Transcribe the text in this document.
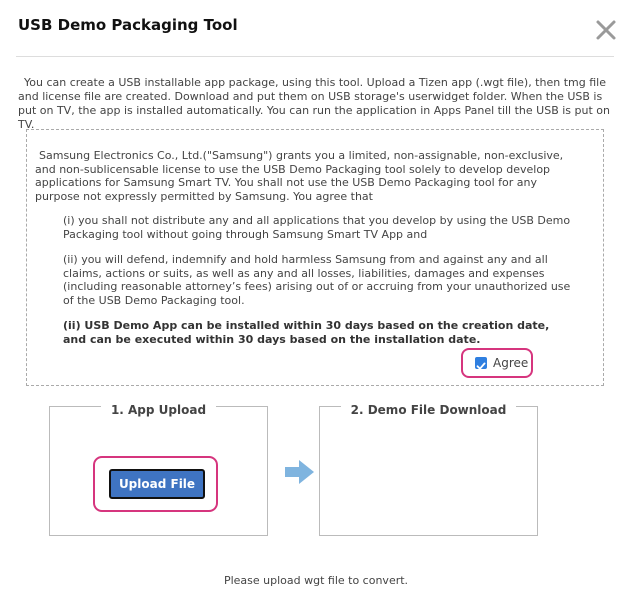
USB Demo Packaging Tool
You can create a USB installable app package, using this tool. Upload a Tizen app (.wgt file), then tmg file and license file are created. Download and put them on USB storage's userwidget folder. When the USB is put on TV, the app is installed automatically. You can run the application in Apps Panel till the USB is put on TV.

Samsung Electronics Co., Ltd.("Samsung") grants you a limited, non-assignable, non-exclusive, and non-sublicensable license to use the USB Demo Packaging tool solely to develop develop applications for Samsung Smart TV. You shall not use the USB Demo Packaging tool for any purpose not expressly permitted by Samsung. You agree that

(i) you shall not distribute any and all applications that you develop by using the USB Demo Packaging tool without going through Samsung Smart TV App and

(ii) you will defend, indemnify and hold harmless Samsung from and against any and all claims, actions or suits, as well as any and all losses, liabilities, damages and expenses (including reasonable attorney’s fees) arising out of or accruing from your unauthorized use of the USB Demo Packaging tool.

(ii) USB Demo App can be installed within 30 days based on the creation date, and can be executed within 30 days based on the installation date.

Agree
1. App Upload
Upload File
2. Demo File Download
Please upload wgt file to convert.
